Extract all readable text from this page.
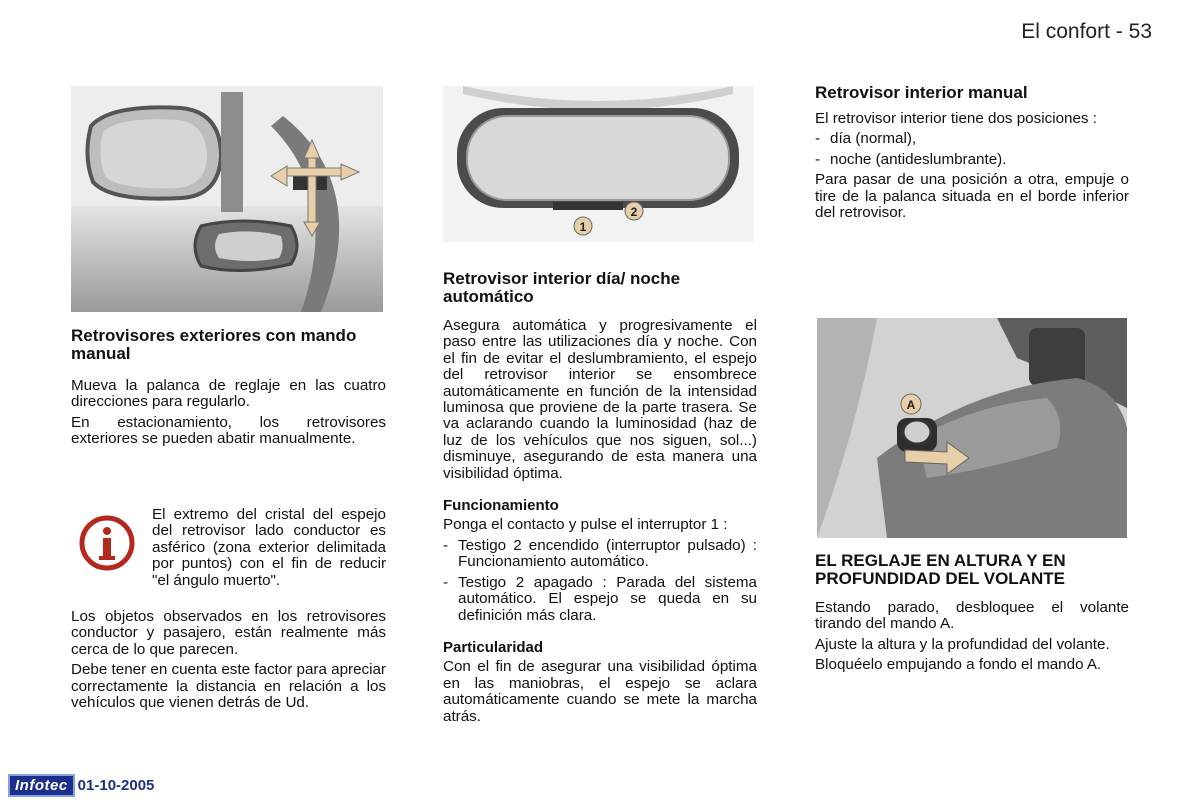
El confort - 53
Retrovisores exteriores con mando manual

Mueva la palanca de reglaje en las cuatro direcciones para regularlo.

En estacionamiento, los retrovisores exteriores se pueden abatir manualmente.

El extremo del cristal del espejo del retrovisor lado conductor es asférico (zona exterior delimitada por puntos) con el fin de reducir "el ángulo muerto".

Los objetos observados en los retrovisores conductor y pasajero, están realmente más cerca de lo que parecen.

Debe tener en cuenta este factor para apreciar correctamente la distancia en relación a los vehículos que vienen detrás de Ud.

1
2
Retrovisor interior día/ noche automático

Asegura automática y progresivamente el paso entre las utilizaciones día y noche. Con el fin de evitar el deslumbramiento, el espejo del retrovisor interior se ensombrece automáticamente en función de la intensidad luminosa que proviene de la parte trasera. Se va aclarando cuando la luminosidad (haz de luz de los vehículos que nos siguen, sol...) disminuye, asegurando de esta manera una visibilidad óptima.

Funcionamiento

Ponga el contacto y pulse el interruptor 1 :

- Testigo 2 encendido (interruptor pulsado) : Funcionamiento automático.
- Testigo 2 apagado : Parada del sistema automático. El espejo se queda en su definición más clara.
Particularidad

Con el fin de asegurar una visibilidad óptima en las maniobras, el espejo se aclara automáticamente cuando se mete la marcha atrás.

Retrovisor interior manual

El retrovisor interior tiene dos posiciones :

- día (normal),
- noche (antideslumbrante).

Para pasar de una posición a otra, empuje o tire de la palanca situada en el borde inferior del retrovisor.

A
EL REGLAJE EN ALTURA Y EN PROFUNDIDAD DEL VOLANTE

Estando parado, desbloquee el volante tirando del mando A.

Ajuste la altura y la profundidad del volante.

Bloquéelo empujando a fondo el mando A.

Infotec 01-10-2005
